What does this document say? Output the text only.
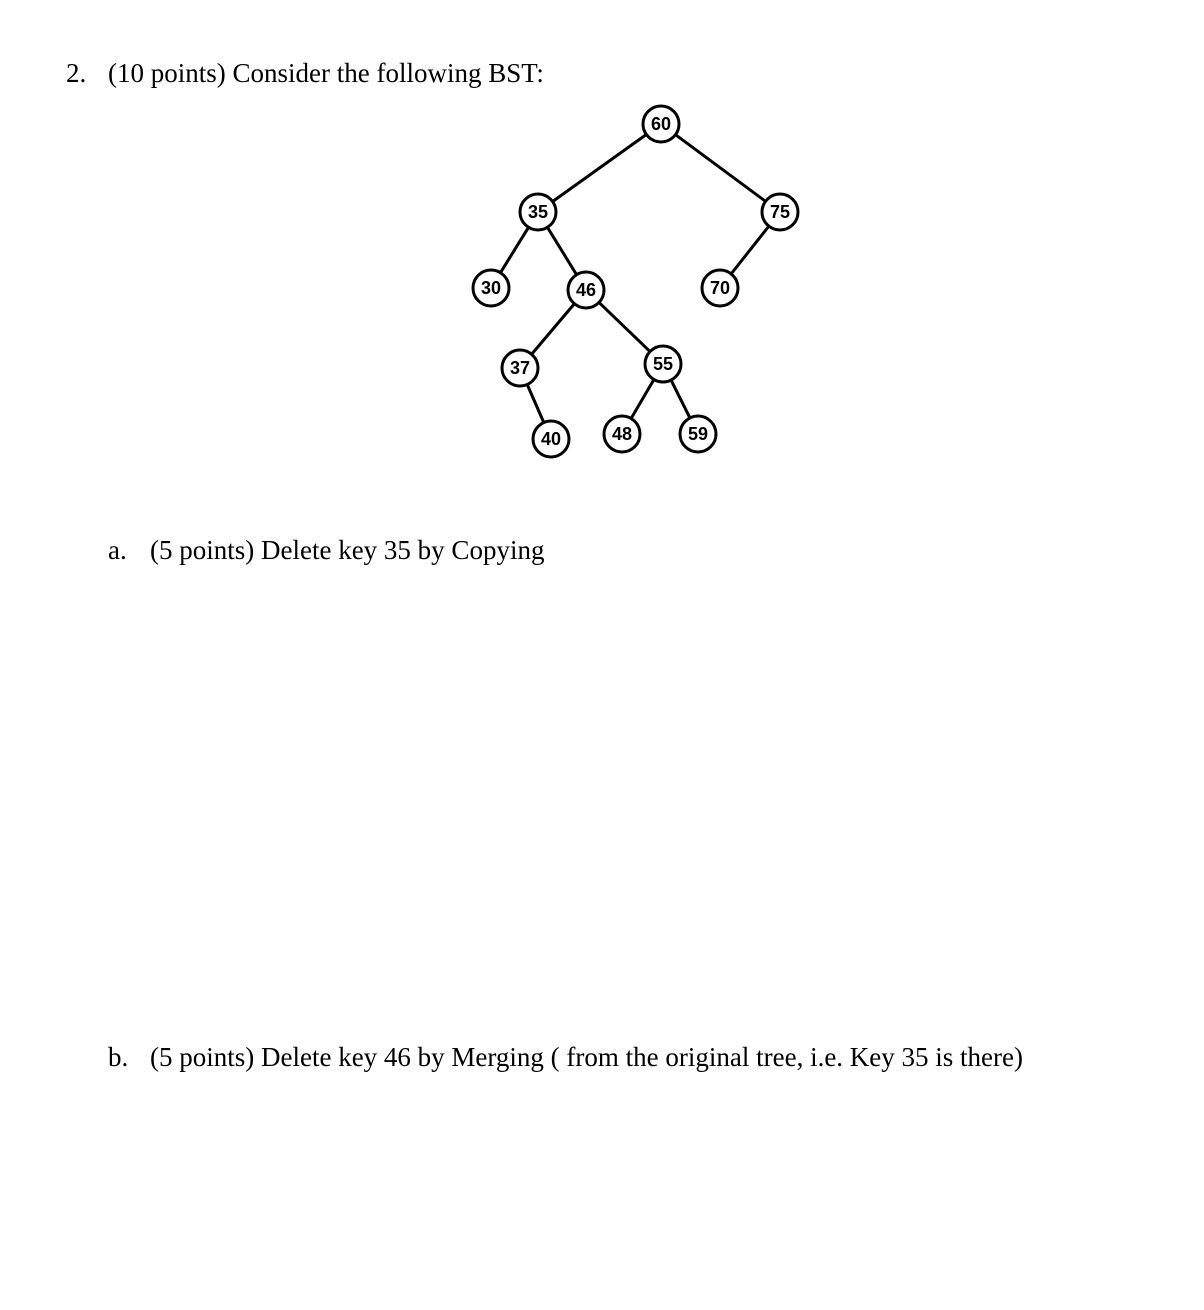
2. (10 points) Consider the following BST:
60
35	75
30	46	70
37	55
40	48	59
a. (5 points) Delete key 35 by Copying
b. (5 points) Delete key 46 by Merging ( from the original tree, i.e. Key 35 is there)
